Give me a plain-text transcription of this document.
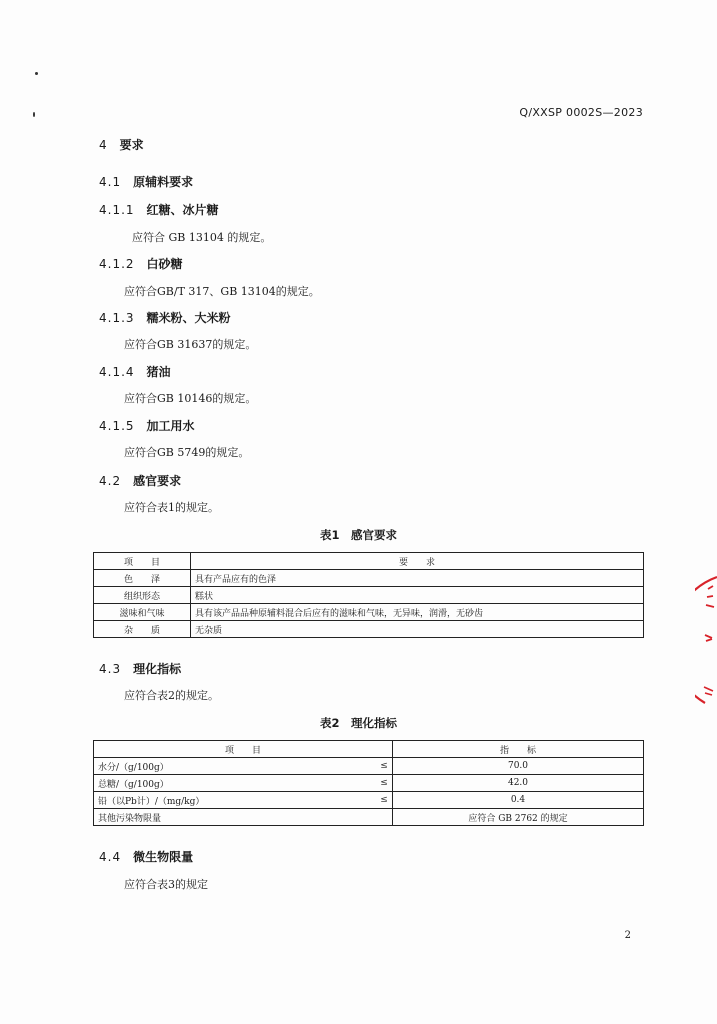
Q/XXSP 0002S—2023
4 要求
4.1 原辅料要求
4.1.1 红糖、冰片糖
应符合 GB 13104 的规定。
4.1.2 白砂糖
应符合GB/T 317、GB 13104的规定。
4.1.3 糯米粉、大米粉
应符合GB 31637的规定。
4.1.4 猪油
应符合GB 10146的规定。
4.1.5 加工用水
应符合GB 5749的规定。
4.2 感官要求
应符合表1的规定。
表1　感官要求
项　　目	要　　求
色　　泽	具有产品应有的色泽
组织形态	糕状
滋味和气味	具有该产品品种原辅料混合后应有的滋味和气味，无异味，润滑，无砂齿
杂　　质	无杂质
4.3 理化指标
应符合表2的规定。
表2　理化指标
项　　目		指　　标
水分/（g/100g）	≤	70.0
总糖/（g/100g）	≤	42.0
铅（以Pb计）/（mg/kg）	≤	0.4
其他污染物限量		应符合 GB 2762 的规定
4.4 微生物限量
应符合表3的规定
2
